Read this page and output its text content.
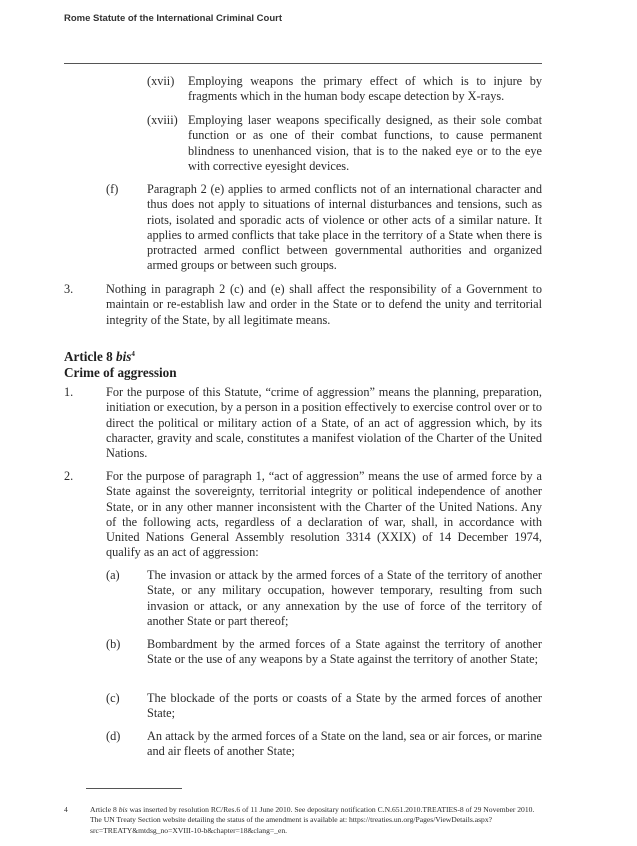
Rome Statute of the International Criminal Court
(xvii)	Employing weapons the primary effect of which is to injure by fragments which in the human body escape detection by X-rays.
(xviii) Employing laser weapons specifically designed, as their sole combat function or as one of their combat functions, to cause permanent blindness to unenhanced vision, that is to the naked eye or to the eye with corrective eyesight devices.
(f)	Paragraph 2 (e) applies to armed conflicts not of an international character and thus does not apply to situations of internal disturbances and tensions, such as riots, isolated and sporadic acts of violence or other acts of a similar nature. It applies to armed conflicts that take place in the territory of a State when there is protracted armed conflict between governmental authorities and organized armed groups or between such groups.
3.	Nothing in paragraph 2 (c) and (e) shall affect the responsibility of a Government to maintain or re-establish law and order in the State or to defend the unity and territorial integrity of the State, by all legitimate means.
Article 8 bis$^4$
Crime of aggression
1.	For the purpose of this Statute, “crime of aggression” means the planning, preparation, initiation or execution, by a person in a position effectively to exercise control over or to direct the political or military action of a State, of an act of aggression which, by its character, gravity and scale, constitutes a manifest violation of the Charter of the United Nations.
2.	For the purpose of paragraph 1, “act of aggression” means the use of armed force by a State against the sovereignty, territorial integrity or political independence of another State, or in any other manner inconsistent with the Charter of the United Nations. Any of the following acts, regardless of a declaration of war, shall, in accordance with United Nations General Assembly resolution 3314 (XXIX) of 14 December 1974, qualify as an act of aggression:
(a)	The invasion or attack by the armed forces of a State of the territory of another State, or any military occupation, however temporary, resulting from such invasion or attack, or any annexation by the use of force of the territory of another State or part thereof;
(b)	Bombardment by the armed forces of a State against the territory of another State or the use of any weapons by a State against the territory of another State;
(c)	The blockade of the ports or coasts of a State by the armed forces of another State;
(d)	An attack by the armed forces of a State on the land, sea or air forces, or marine and air fleets of another State;
4	Article 8 bis was inserted by resolution RC/Res.6 of 11 June 2010. See depositary notification C.N.651.2010.TREATIES-8 of 29 November 2010. The UN Treaty Section website detailing the status of the amendment is available at: https://treaties.un.org/Pages/ViewDetails.aspx?src=TREATY&mtdsg_no=XVIII-10-b&chapter=18&clang=_en.
